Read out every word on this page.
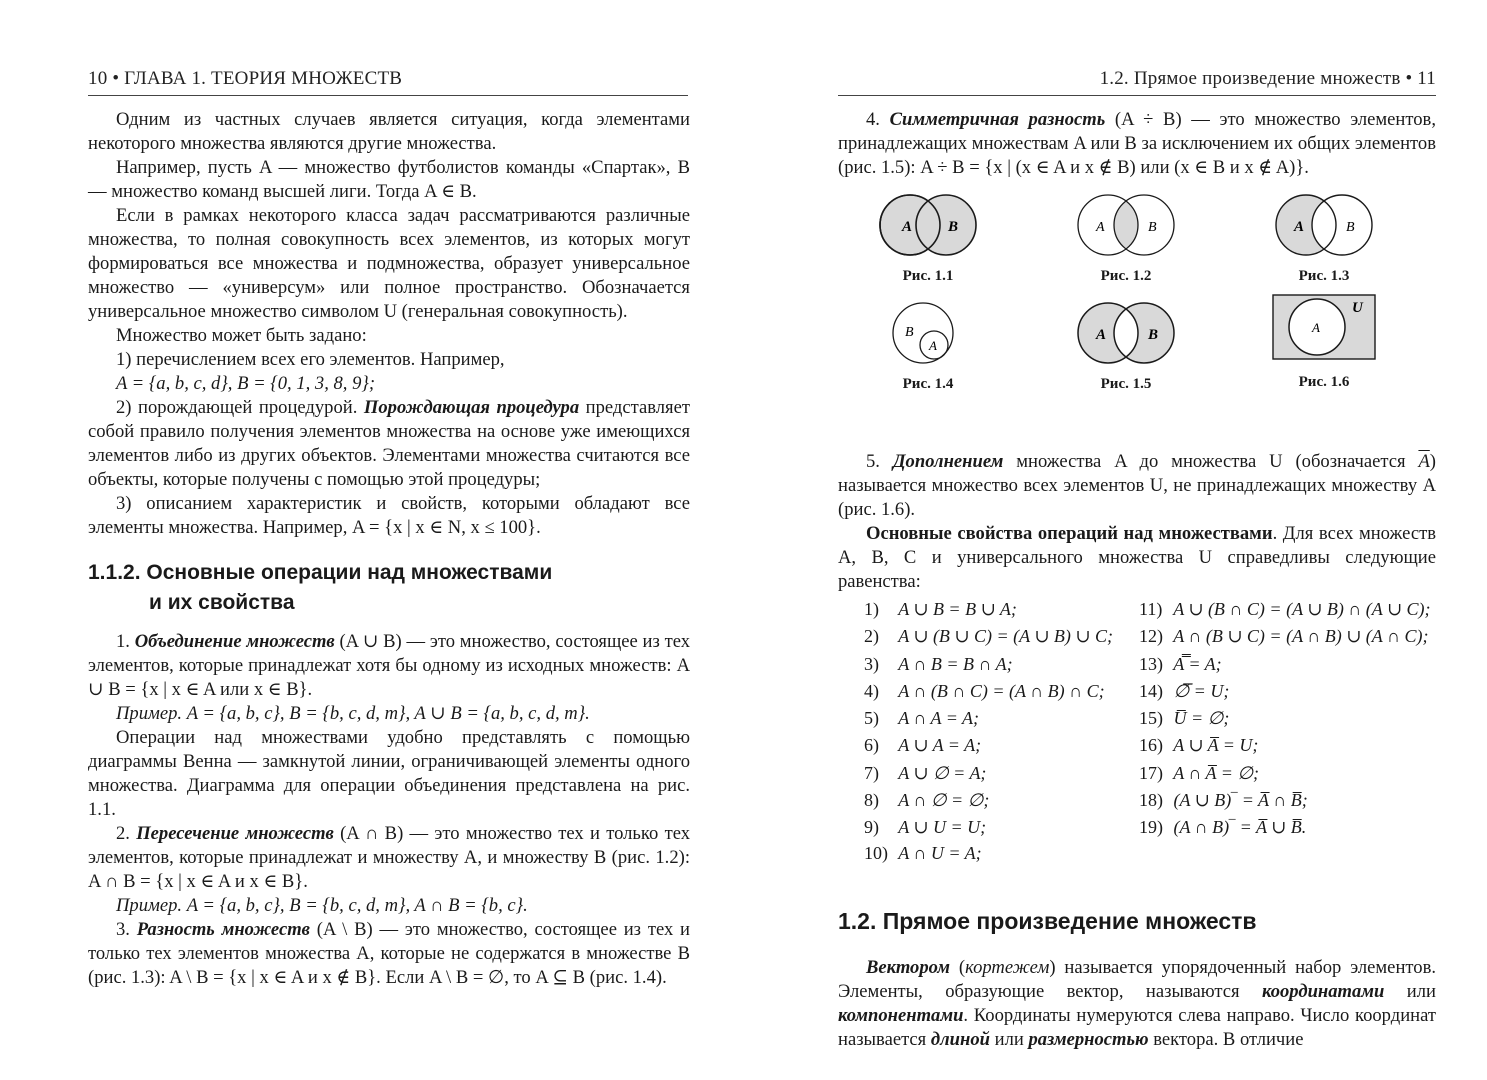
10 • ГЛАВА 1. ТЕОРИЯ МНОЖЕСТВ

Одним из частных случаев является ситуация, когда элементами некоторого множества являются другие множества.

Например, пусть A — множество футболистов команды «Спартак», B — множество команд высшей лиги. Тогда A ∈ B.

Если в рамках некоторого класса задач рассматриваются различные множества, то полная совокупность всех элементов, из которых могут формироваться все множества и подмножества, образует универсальное множество — «универсум» или полное пространство. Обозначается универсальное множество символом U (генеральная совокупность).

Множество может быть задано:

1) перечислением всех его элементов. Например,

A = {a, b, c, d}, B = {0, 1, 3, 8, 9};

2) порождающей процедурой. Порождающая процедура представляет собой правило получения элементов множества на основе уже имеющихся элементов либо из других объектов. Элементами множества считаются все объекты, которые получены с помощью этой процедуры;

3) описанием характеристик и свойств, которыми обладают все элементы множества. Например, A = {x | x ∈ N, x ≤ 100}.

1.1.2. Основные операции над множествами
и их свойства

1. Объединение множеств (A ∪ B) — это множество, состоящее из тех элементов, которые принадлежат хотя бы одному из исходных множеств: A ∪ B = {x | x ∈ A или x ∈ B}.

Пример. A = {a, b, c}, B = {b, c, d, m}, A ∪ B = {a, b, c, d, m}.

Операции над множествами удобно представлять с помощью диаграммы Венна — замкнутой линии, ограничивающей элементы одного множества. Диаграмма для операции объединения представлена на рис. 1.1.

2. Пересечение множеств (A ∩ B) — это множество тех и только тех элементов, которые принадлежат и множеству A, и множеству B (рис. 1.2): A ∩ B = {x | x ∈ A и x ∈ B}.

Пример. A = {a, b, c}, B = {b, c, d, m}, A ∩ B = {b, c}.

3. Разность множеств (A \ B) — это множество, состоящее из тех и только тех элементов множества A, которые не содержатся в множестве B (рис. 1.3): A \ B = {x | x ∈ A и x ∉ B}. Если A \ B = ∅, то A ⊆ B (рис. 1.4).

1.2. Прямое произведение множеств • 11

4. Симметричная разность (A ÷ B) — это множество элементов, принадлежащих множествам A или B за исключением их общих элементов (рис. 1.5): A ÷ B = {x | (x ∈ A и x ∉ B) или (x ∈ B и x ∉ A)}.

A B
Рис. 1.1
A	B
Рис. 1.2
A	B
Рис. 1.3
B
A
Рис. 1.4
A	B
Рис. 1.5
A
U
Рис. 1.6

5. Дополнением множества A до множества U (обозначается $\overline{A}$) называется множество всех элементов U, не принадлежащих множеству A (рис. 1.6).

Основные свойства операций над множествами. Для всех множеств A, B, C и универсального множества U справедливы следующие равенства:

1) A ∪ B = B ∪ A;
2) A ∪ (B ∪ C) = (A ∪ B) ∪ C;
3) A ∩ B = B ∩ A;
4) A ∩ (B ∩ C) = (A ∩ B) ∩ C;
5) A ∩ A = A;
6) A ∪ A = A;
7) A ∪ ∅ = A;
8) A ∩ ∅ = ∅;
9) A ∪ U = U;
10) A ∩ U = A;
11) A ∪ (B ∩ C) = (A ∪ B) ∩ (A ∪ C);
12) A ∩ (B ∪ C) = (A ∩ B) ∪ (A ∩ C);
13) A̿ = A;
14) ∅̅ = U;
15) U̅ = ∅;
16) A ∪ A̅ = U;
17) A ∩ A̅ = ∅;
18) (A ∪ B)‾ = A̅ ∩ B̅;
19) (A ∩ B)‾ = A̅ ∪ B̅.
1.2. Прямое произведение множеств

Вектором (кортежем) называется упорядоченный набор элементов. Элементы, образующие вектор, называются координатами или компонентами. Координаты нумеруются слева направо. Число координат называется длиной или размерностью вектора. В отличие
